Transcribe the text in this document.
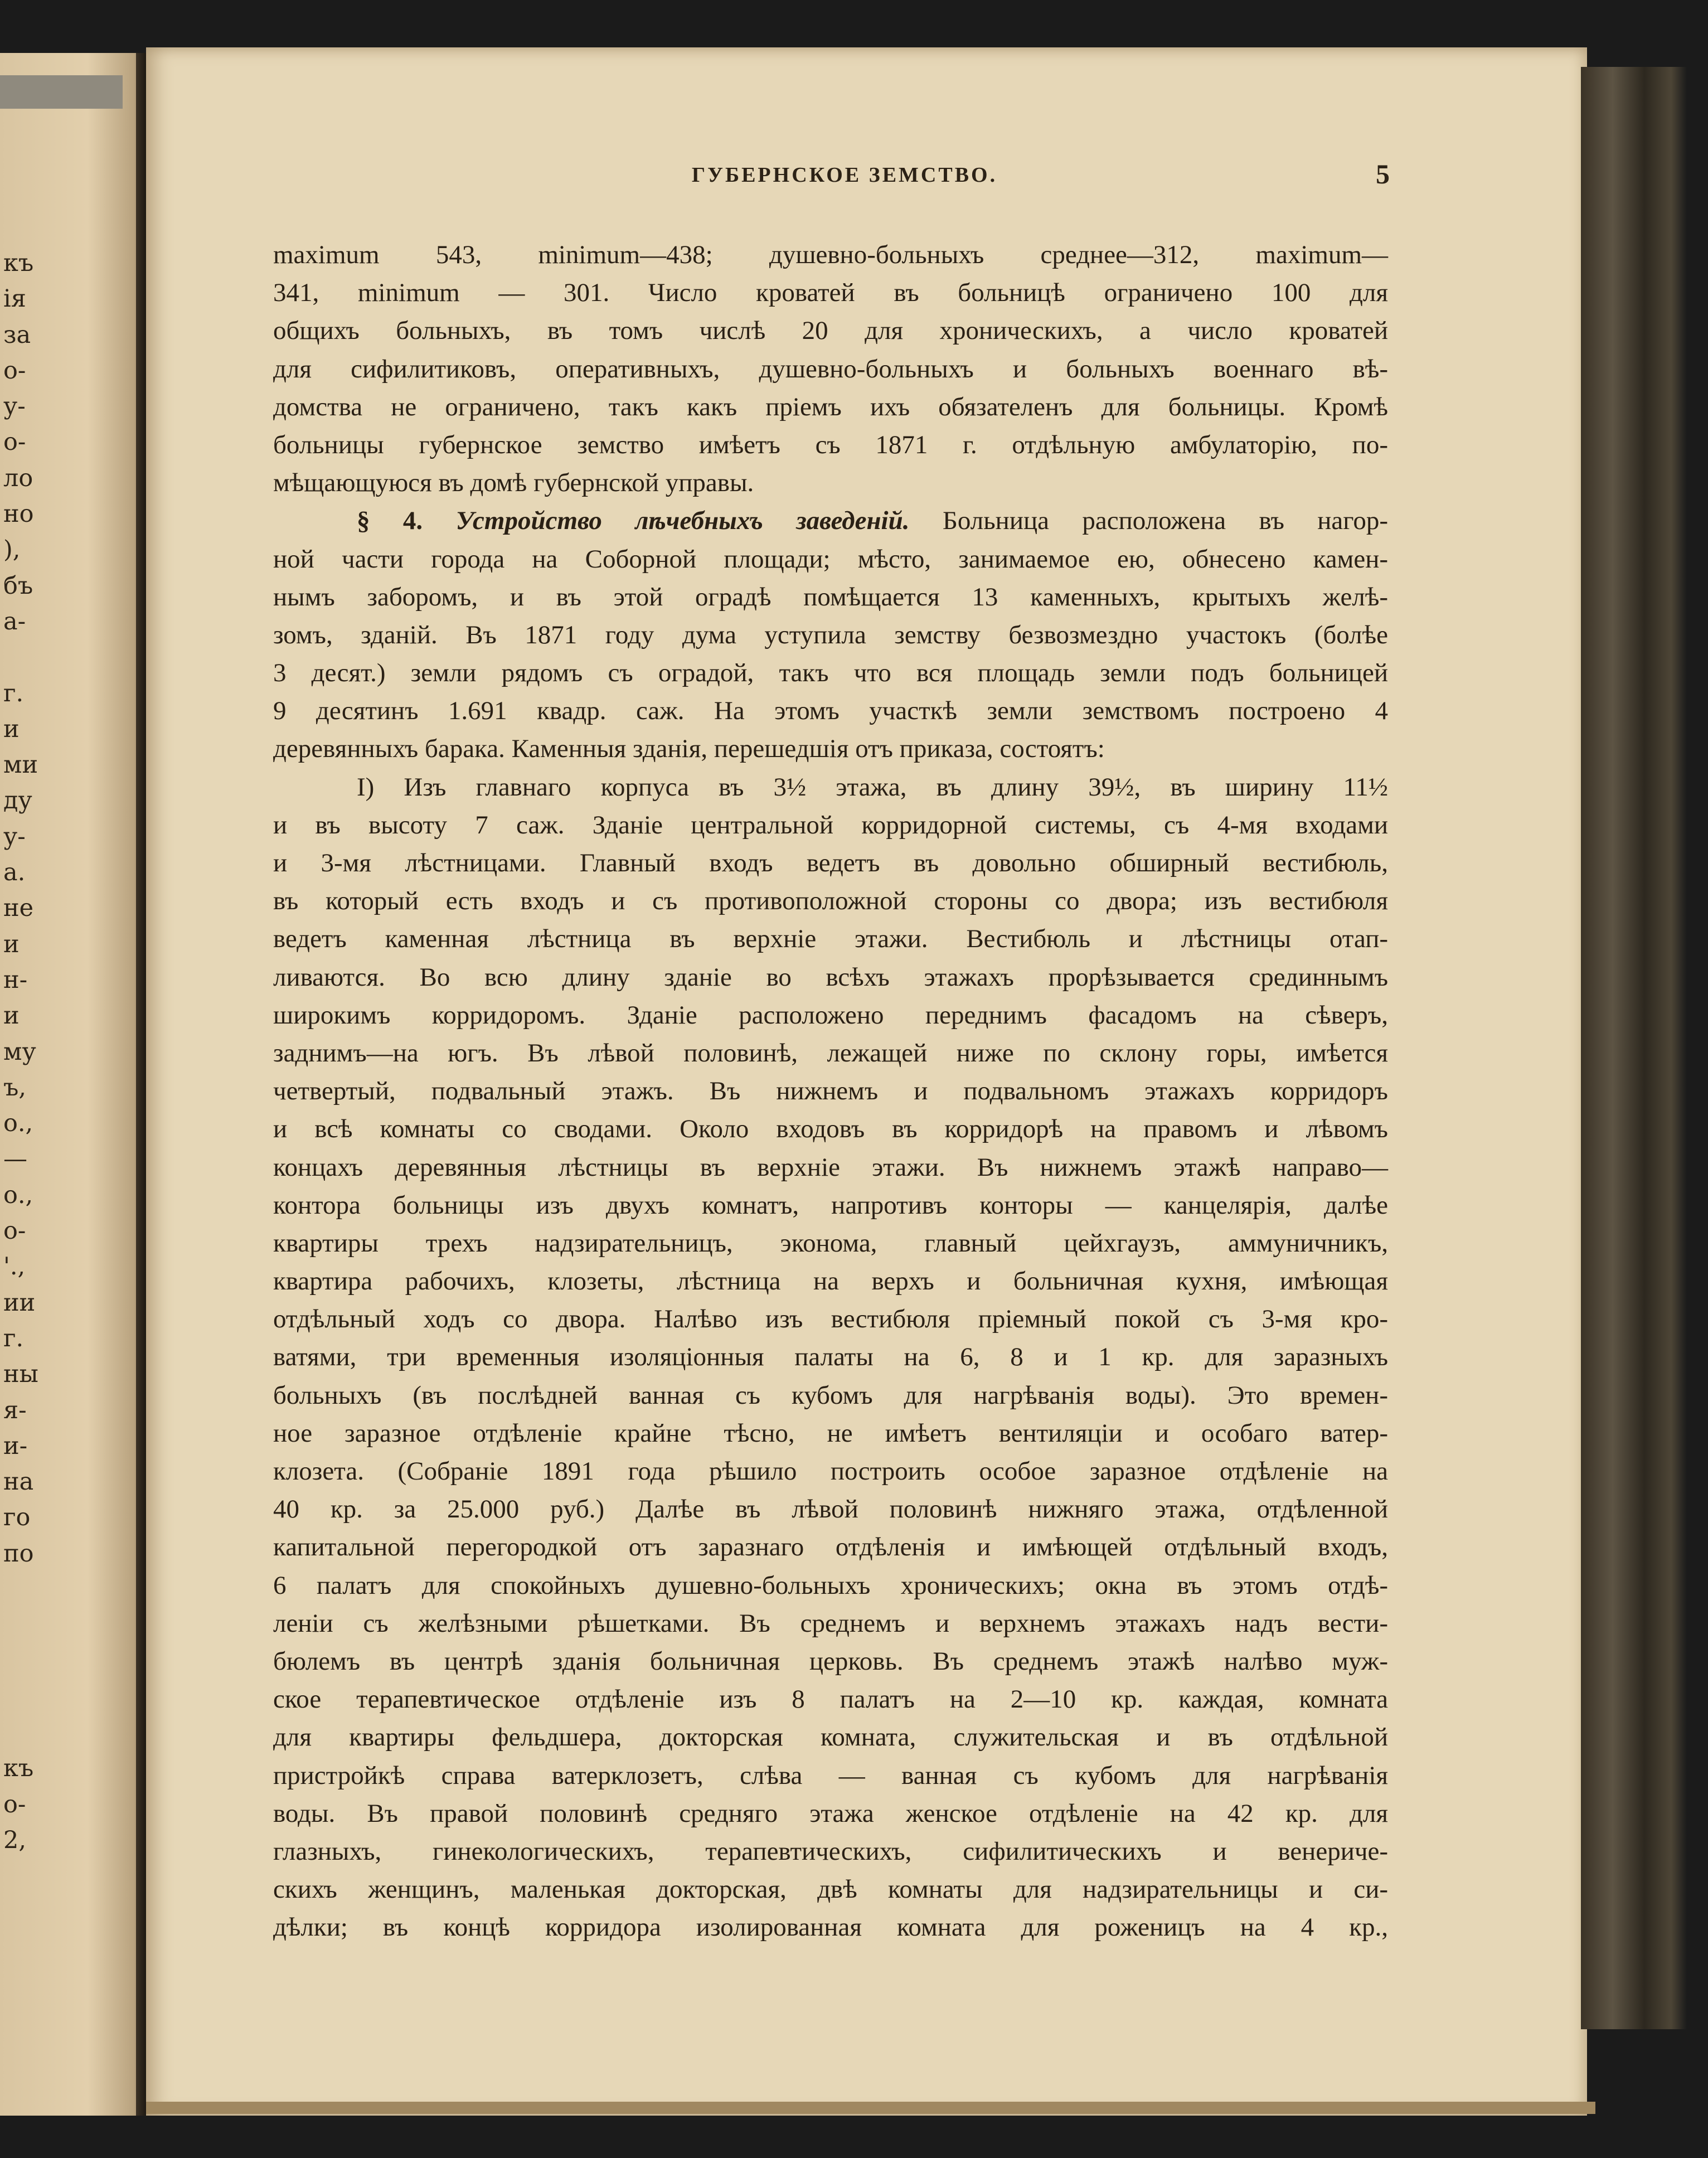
къ
ія
за
о-
у-
о-
ло
но
),
бъ
а-
г.
и
ми
ду
у-
а.
не
и
н-
и
му
ъ,
о.,
—
о.,
о-
'.,
ии
г.
ны
я-
и-
на
го
по
къ
о-
2,
ГУБЕРНСКОЕ ЗЕМСТВО.	5
maximum 543, minimum—438; душевно-больныхъ среднее—312, maximum—
341, minimum — 301. Число кроватей въ больницѣ ограничено 100 для
общихъ больныхъ, въ томъ числѣ 20 для хроническихъ, а число кроватей
для сифилитиковъ, оперативныхъ, душевно-больныхъ и больныхъ военнаго вѣ-
домства не ограничено, такъ какъ пріемъ ихъ обязателенъ для больницы. Кромѣ
больницы губернское земство имѣетъ съ 1871 г. отдѣльную амбулаторію, по-
мѣщающуюся въ домѣ губернской управы.
§ 4. Устройство лѣчебныхъ заведеній. Больница расположена въ нагор-
ной части города на Соборной площади; мѣсто, занимаемое ею, обнесено камен-
нымъ заборомъ, и въ этой оградѣ помѣщается 13 каменныхъ, крытыхъ желѣ-
зомъ, зданій. Въ 1871 году дума уступила земству безвозмездно участокъ (болѣе
3 десят.) земли рядомъ съ оградой, такъ что вся площадь земли подъ больницей
9 десятинъ 1.691 квадр. саж. На этомъ участкѣ земли земствомъ построено 4
деревянныхъ барака. Каменныя зданія, перешедшія отъ приказа, состоятъ:
I) Изъ главнаго корпуса въ 3½ этажа, въ длину 39½, въ ширину 11½
и въ высоту 7 саж. Зданіе центральной корридорной системы, съ 4-мя входами
и 3-мя лѣстницами. Главный входъ ведетъ въ довольно обширный вестибюль,
въ который есть входъ и съ противоположной стороны со двора; изъ вестибюля
ведетъ каменная лѣстница въ верхніе этажи. Вестибюль и лѣстницы отап-
ливаются. Во всю длину зданіе во всѣхъ этажахъ прорѣзывается срединнымъ
широкимъ корридоромъ. Зданіе расположено переднимъ фасадомъ на сѣверъ,
заднимъ—на югъ. Въ лѣвой половинѣ, лежащей ниже по склону горы, имѣется
четвертый, подвальный этажъ. Въ нижнемъ и подвальномъ этажахъ корридоръ
и всѣ комнаты со сводами. Около входовъ въ корридорѣ на правомъ и лѣвомъ
концахъ деревянныя лѣстницы въ верхніе этажи. Въ нижнемъ этажѣ направо—
контора больницы изъ двухъ комнатъ, напротивъ конторы — канцелярія, далѣе
квартиры трехъ надзирательницъ, эконома, главный цейхгаузъ, аммуничникъ,
квартира рабочихъ, клозеты, лѣстница на верхъ и больничная кухня, имѣющая
отдѣльный ходъ со двора. Налѣво изъ вестибюля пріемный покой съ 3-мя кро-
ватями, три временныя изоляціонныя палаты на 6, 8 и 1 кр. для заразныхъ
больныхъ (въ послѣдней ванная съ кубомъ для нагрѣванія воды). Это времен-
ное заразное отдѣленіе крайне тѣсно, не имѣетъ вентиляціи и особаго ватер-
клозета. (Собраніе 1891 года рѣшило построить особое заразное отдѣленіе на
40 кр. за 25.000 руб.) Далѣе въ лѣвой половинѣ нижняго этажа, отдѣленной
капитальной перегородкой отъ заразнаго отдѣленія и имѣющей отдѣльный входъ,
6 палатъ для спокойныхъ душевно-больныхъ хроническихъ; окна въ этомъ отдѣ-
леніи съ желѣзными рѣшетками. Въ среднемъ и верхнемъ этажахъ надъ вести-
бюлемъ въ центрѣ зданія больничная церковь. Въ среднемъ этажѣ налѣво муж-
ское терапевтическое отдѣленіе изъ 8 палатъ на 2—10 кр. каждая, комната
для квартиры фельдшера, докторская комната, служительская и въ отдѣльной
пристройкѣ справа ватерклозетъ, слѣва — ванная съ кубомъ для нагрѣванія
воды. Въ правой половинѣ средняго этажа женское отдѣленіе на 42 кр. для
глазныхъ, гинекологическихъ, терапевтическихъ, сифилитическихъ и венериче-
скихъ женщинъ, маленькая докторская, двѣ комнаты для надзирательницы и си-
дѣлки; въ концѣ корридора изолированная комната для роженицъ на 4 кр.,
